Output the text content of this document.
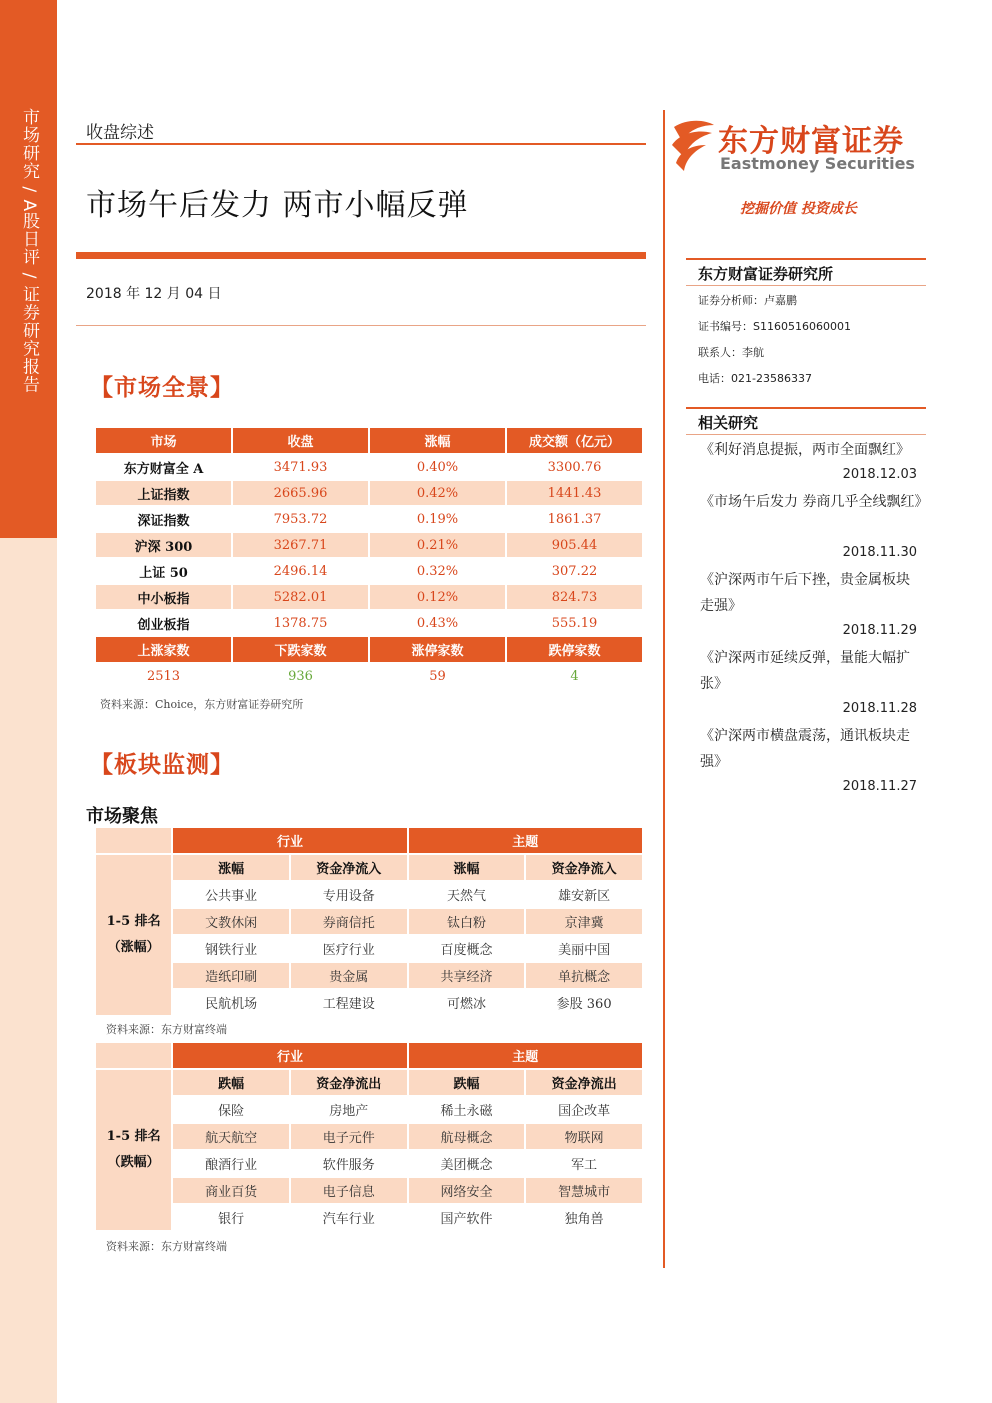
市场研究 / A股日评 / 证券研究报告	收盘综述
市场午后发力 两市小幅反弹
2018 年 12 月 04 日
【市场全景】
市场	收盘	涨幅	成交额（亿元）
东方财富全 A	3471.93	0.40%	3300.76
上证指数	2665.96	0.42%	1441.43
深证指数	7953.72	0.19%	1861.37
沪深 300	3267.71	0.21%	905.44
上证 50	2496.14	0.32%	307.22
中小板指	5282.01	0.12%	824.73
创业板指	1378.75	0.43%	555.19
上涨家数	下跌家数	涨停家数	跌停家数
2513	936	59	4
资料来源：Choice，东方财富证券研究所
【板块监测】
市场聚焦
	行业		主题	
1-5 排名
（涨幅）	涨幅	资金净流入	涨幅	资金净流入
	公共事业	专用设备	天然气	雄安新区
	文教休闲	券商信托	钛白粉	京津冀
	钢铁行业	医疗行业	百度概念	美丽中国
	造纸印刷	贵金属	共享经济	单抗概念
	民航机场	工程建设	可燃冰	参股 360
资料来源：东方财富终端
	行业		主题	
1-5 排名
（跌幅）	跌幅	资金净流出	跌幅	资金净流出
	保险	房地产	稀土永磁	国企改革
	航天航空	电子元件	航母概念	物联网
	酿酒行业	软件服务	美团概念	军工
	商业百货	电子信息	网络安全	智慧城市
	银行	汽车行业	国产软件	独角兽
资料来源：东方财富终端
东方财富证券
Eastmoney Securities
挖掘价值 投资成长
东方财富证券研究所
证券分析师：卢嘉鹏
证书编号：S1160516060001
联系人：李航
电话：021-23586337
相关研究
《利好消息提振，两市全面飘红》
2018.12.03
《市场午后发力 券商几乎全线飘红》
2018.11.30
《沪深两市午后下挫，贵金属板块走强》
2018.11.29
《沪深两市延续反弹，量能大幅扩张》
2018.11.28
《沪深两市横盘震荡，通讯板块走强》
2018.11.27
